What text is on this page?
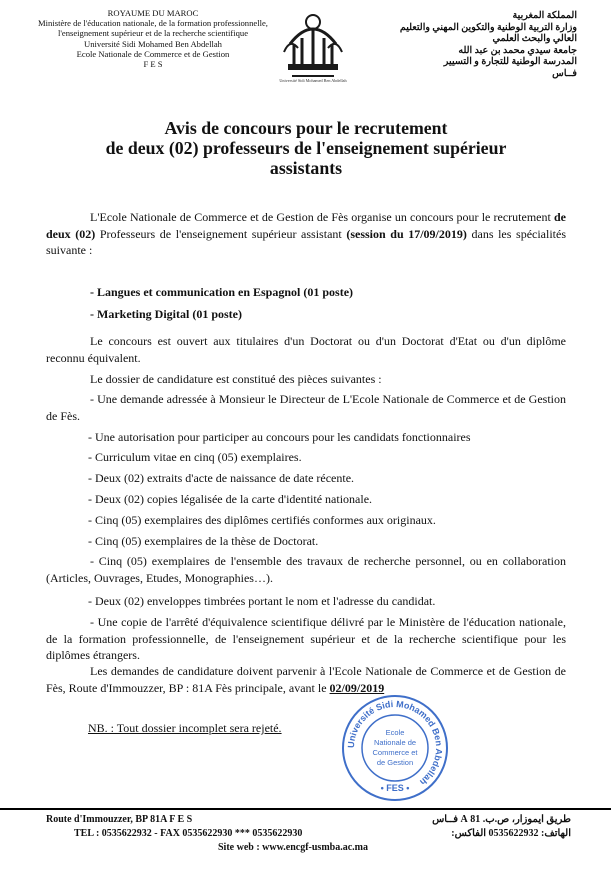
ROYAUME DU MAROC
Ministère de l'éducation nationale, de la formation professionnelle,
l'enseignement supérieur et de la recherche scientifique
Université Sidi Mohamed Ben Abdellah
Ecole Nationale de Commerce et de Gestion
F E S
Université Sidi Mohamed Ben Abdellah
المملكة المغربية
وزارة التربية الوطنية والتكوين المهني والتعليم
العالي والبحث العلمي
جامعة سيدي محمد بن عبد الله
المدرسة الوطنية للتجارة و التسيير
فــاس
Avis de concours pour le recrutement
de deux (02) professeurs de l'enseignement supérieur
assistants
L'Ecole Nationale de Commerce et de Gestion de Fès organise un concours pour le recrutement de deux (02) Professeurs de l'enseignement supérieur assistant (session du 17/09/2019) dans les spécialités suivante :
- Langues et communication en Espagnol (01 poste)
- Marketing Digital (01 poste)
Le concours est ouvert aux titulaires d'un Doctorat ou d'un Doctorat d'Etat ou d'un diplôme reconnu équivalent.
Le dossier de candidature est constitué des pièces suivantes :
- Une demande adressée à Monsieur le Directeur de L'Ecole Nationale de Commerce et de Gestion de Fès.
- Une autorisation pour participer au concours pour les candidats fonctionnaires
- Curriculum vitae en cinq (05) exemplaires.
- Deux (02) extraits d'acte de naissance de date récente.
- Deux (02) copies légalisée de la carte d'identité nationale.
- Cinq (05) exemplaires des diplômes certifiés conformes aux originaux.
- Cinq (05) exemplaires de la thèse de Doctorat.
- Cinq (05) exemplaires de l'ensemble des travaux de recherche personnel, ou en collaboration (Articles, Ouvrages, Etudes, Monographies…).
- Deux (02) enveloppes timbrées portant le nom et l'adresse du candidat.
- Une copie de l'arrêté d'équivalence scientifique délivré par le Ministère de l'éducation nationale, de la formation professionnelle, de l'enseignement supérieur et de la recherche scientifique pour les diplômes étrangers.
Les demandes de candidature doivent parvenir à l'Ecole Nationale de Commerce et de Gestion de Fès, Route d'Immouzzer, BP : 81A Fès principale, avant le 02/09/2019
NB. : Tout dossier incomplet sera rejeté.
Université Sidi Mohamed Ben Abdellah
Ecole
Nationale de
Commerce et
de Gestion
• FES •
Route d'Immouzzer, BP 81A F E S	طريق ايموزار، ص.ب. 81 A فــاس
TEL : 0535622932 - FAX 0535622930 *** 0535622930	الهاتف: 0535622932 الفاكس:
Site web : www.encgf-usmba.ac.ma
